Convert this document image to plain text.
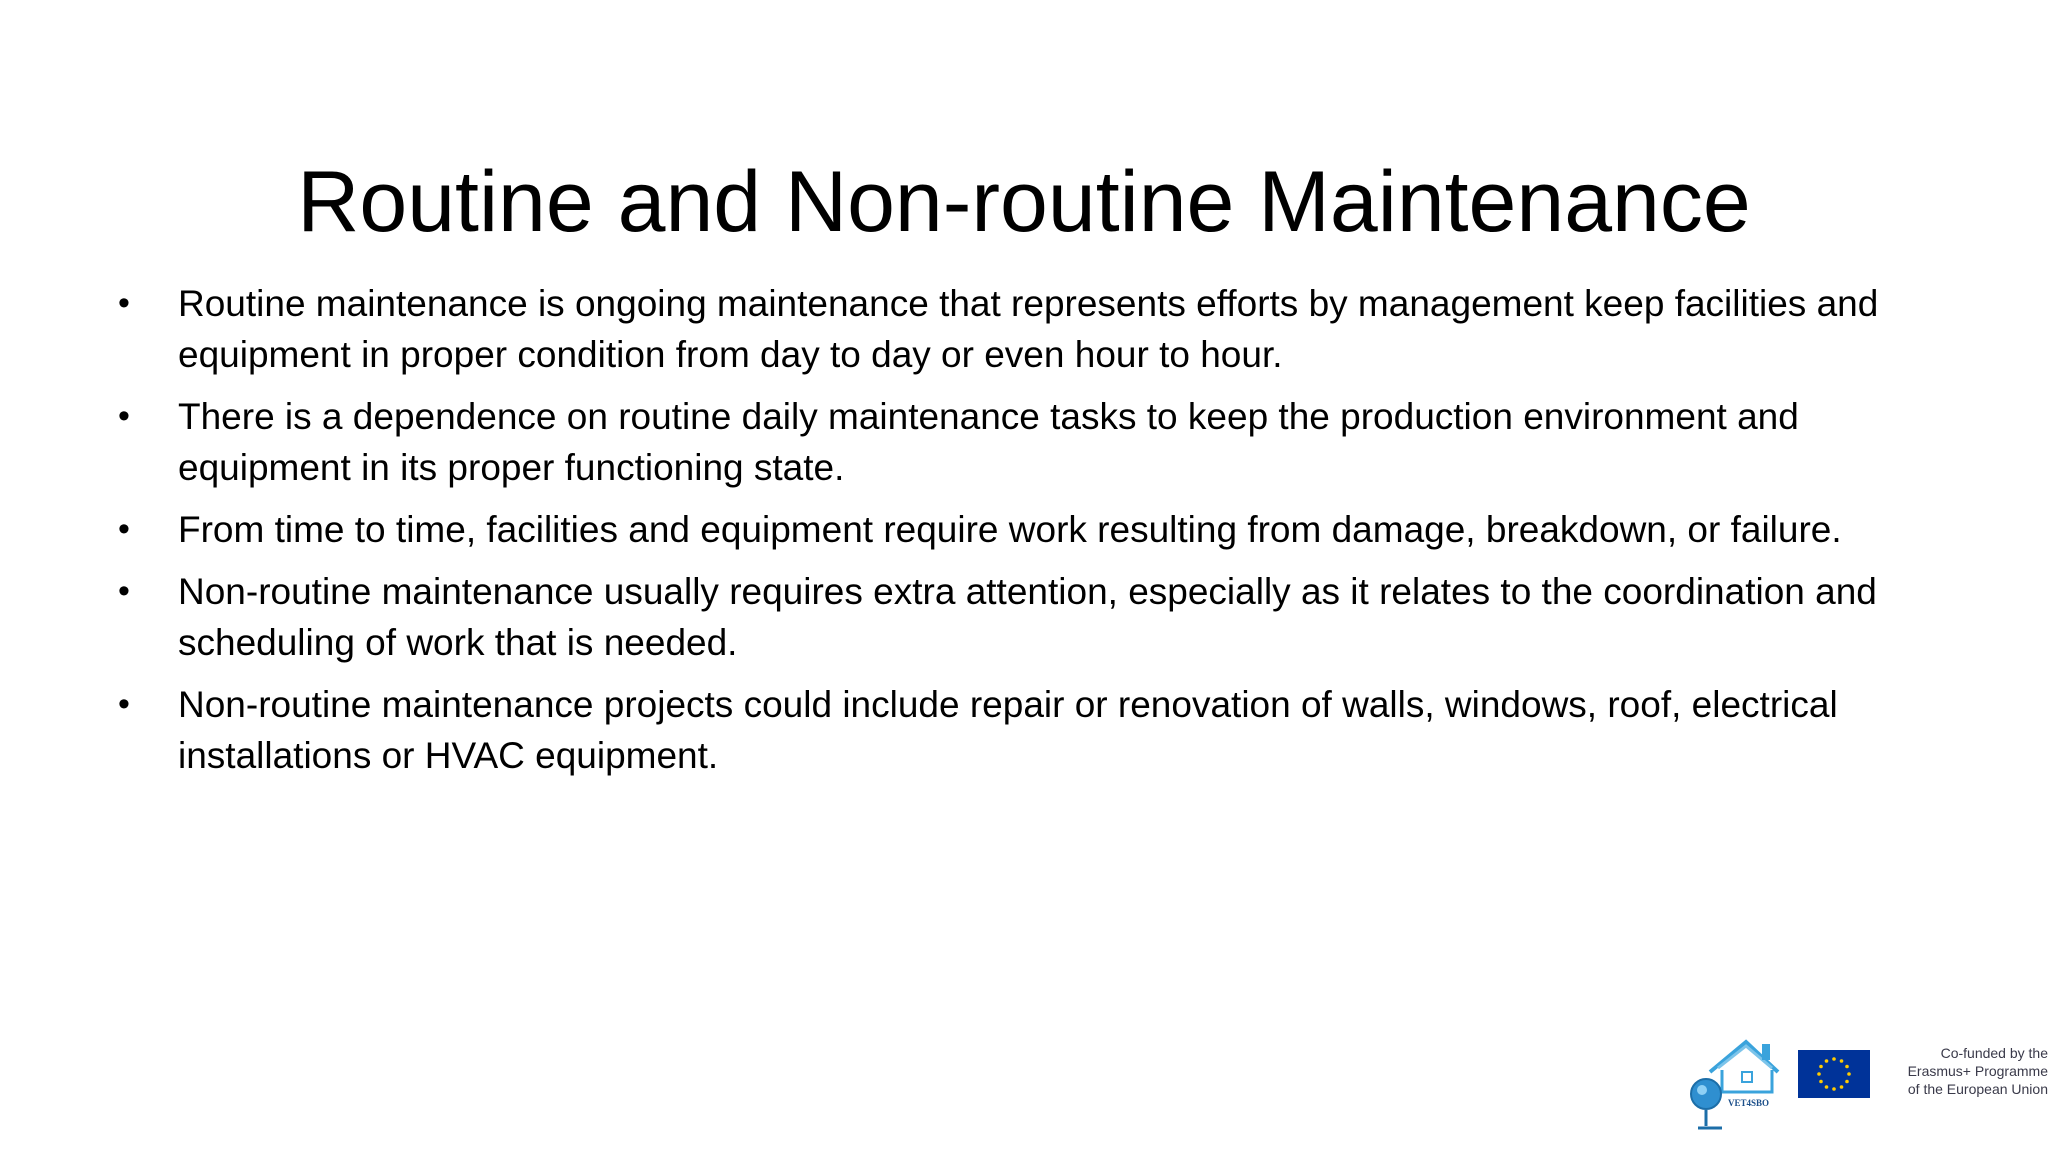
Routine and Non-routine Maintenance
• Routine maintenance is ongoing maintenance that represents efforts by management keep facilities and equipment in proper condition from day to day or even hour to hour.
• There is a dependence on routine daily maintenance tasks to keep the production environment and equipment in its proper functioning state.
• From time to time, facilities and equipment require work resulting from damage, breakdown, or failure.
• Non-routine maintenance usually requires extra attention, especially as it relates to the coordination and scheduling of work that is needed.
• Non-routine maintenance projects could include repair or renovation of walls, windows, roof, electrical installations or HVAC equipment.
VET4SBO
Co-funded by the
Erasmus+ Programme
of the European Union
